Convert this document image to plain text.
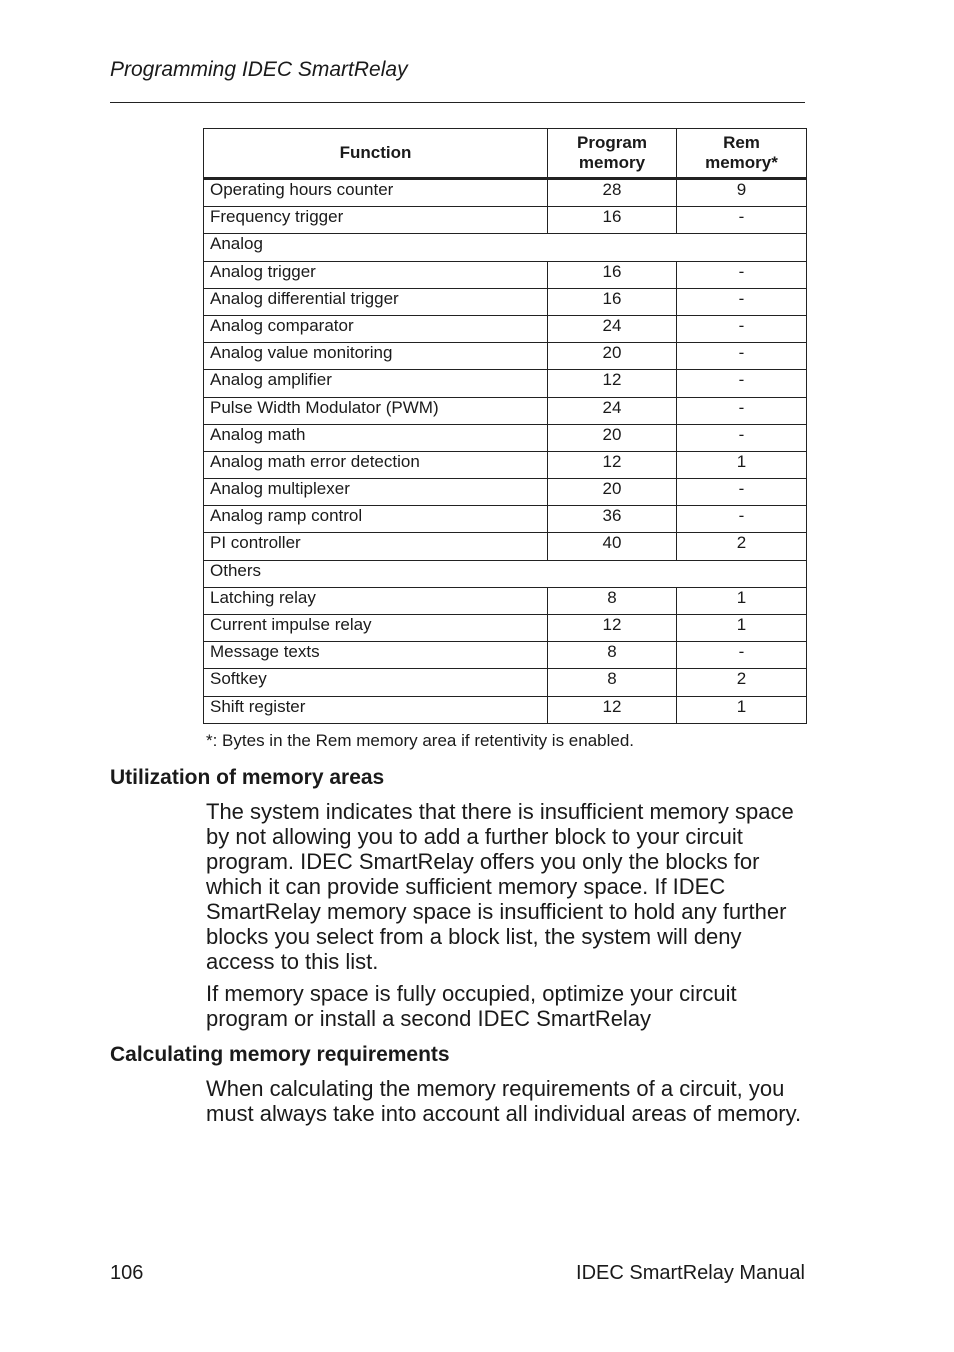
Programming IDEC SmartRelay
Function	Program memory	Rem memory*
Operating hours counter	28	9
Frequency trigger	16	-
Analog		
Analog trigger	16	-
Analog differential trigger	16	-
Analog comparator	24	-
Analog value monitoring	20	-
Analog amplifier	12	-
Pulse Width Modulator (PWM)	24	-
Analog math	20	-
Analog math error detection	12	1
Analog multiplexer	20	-
Analog ramp control	36	-
PI controller	40	2
Others		
Latching relay	8	1
Current impulse relay	12	1
Message texts	8	-
Softkey	8	2
Shift register	12	1
*: Bytes in the Rem memory area if retentivity is enabled.
Utilization of memory areas

The system indicates that there is insufficient memory space by not allowing you to add a further block to your circuit program. IDEC SmartRelay offers you only the blocks for which it can provide sufficient memory space. If IDEC SmartRelay memory space is insufficient to hold any further blocks you select from a block list, the system will deny access to this list.

If memory space is fully occupied, optimize your circuit program or install a second IDEC SmartRelay

Calculating memory requirements

When calculating the memory requirements of a circuit, you must always take into account all individual areas of memory.

106	IDEC SmartRelay Manual
